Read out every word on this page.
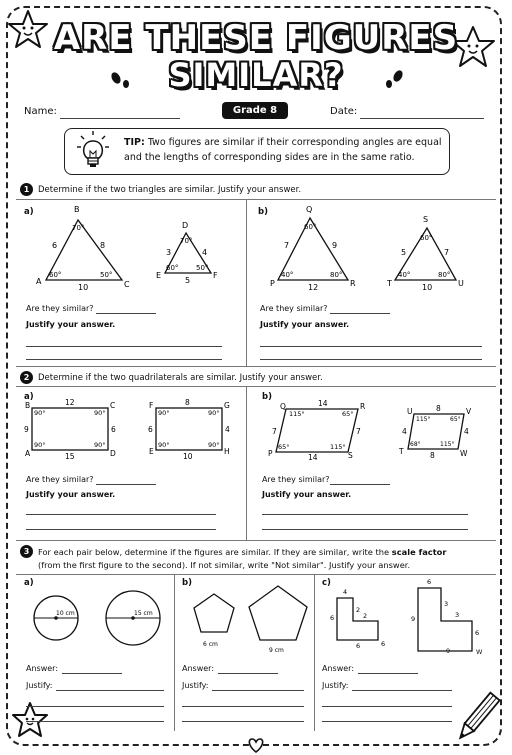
ARE THESE FIGURES
SIMILAR?
Name:	Grade 8	Date:
TIP: Two figures are similar if their corresponding angles are equal
and the lengths of corresponding sides are in the same ratio.
1	Determine if the two triangles are similar. Justify your answer.
a)	b)
B
A	C
70°
60°	50°
6	8
10
D
E	F
70°
60°	50°
3	4
5
Q
P	R
60°
40°	80°
7	9
12
S
T	U
60°
40°	80°
5	7
10
Are they similar?
Justify your answer.
Are they similar?
Justify your answer.
2	Determine if the two quadrilaterals are similar. Justify your answer.
a)	b)
B	C
A	D
12
15
9	6
90°	90°
90°	90°
F	G
E	H
8
10
6	4
90°	90°
90°	90°
Q	R
P	S
14
14
7	7
115°	65°
65°	115°
U	V
T	W
8
8
4	4
115°	65°
68°	115°
Are they similar?
Justify your answer.
Are they similar?
Justify your answer.
3	For each pair below, determine if the figures are similar. If they are similar, write the scale factor
(from the first figure to the second). If not similar, write "Not similar". Justify your answer.
a)	b)	c)
10 cm	15 cm
6 cm
9 cm
4
6
2
2
6	6
6
9
3
3
6
9	W
Answer:
Justify:
Answer:
Justify:
Answer:
Justify:
